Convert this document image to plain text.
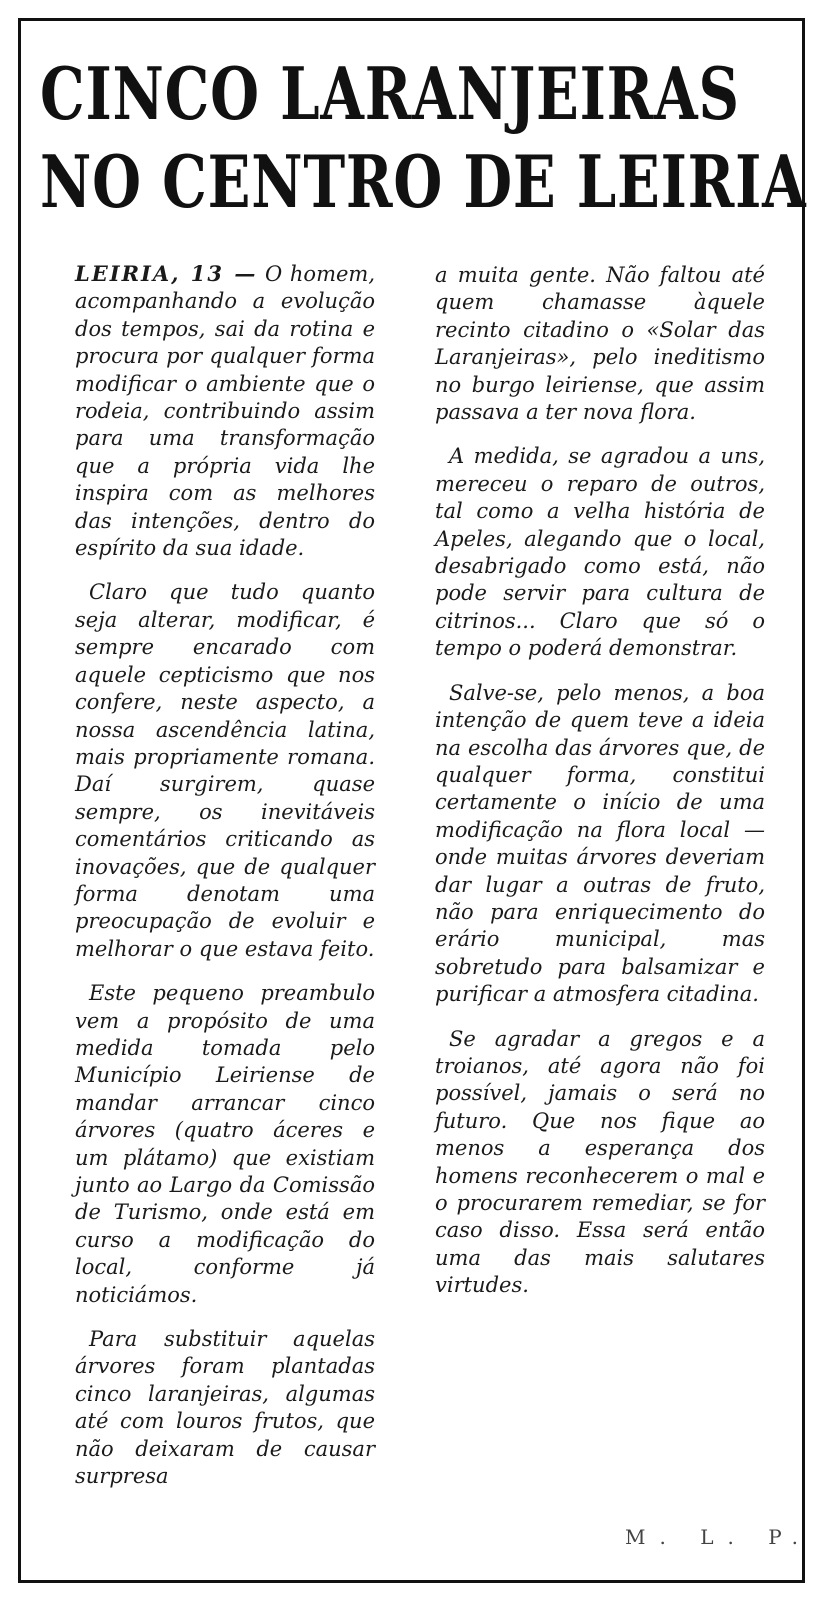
CINCO LARANJEIRAS
NO CENTRO DE LEIRIA

LEIRIA, 13 — O homem, acompanhando a evolução dos tempos, sai da rotina e procura por qualquer forma modificar o ambiente que o rodeia, contribuindo assim para uma transformação que a própria vida lhe inspira com as melhores das intenções, dentro do espírito da sua idade.

Claro que tudo quanto seja alterar, modificar, é sempre encarado com aquele cepticismo que nos confere, neste aspecto, a nossa ascendência latina, mais propriamente romana. Daí surgirem, quase sempre, os inevitáveis comentários criticando as inovações, que de qualquer forma denotam uma preocupação de evoluir e melhorar o que estava feito.

Este pequeno preambulo vem a propósito de uma medida tomada pelo Município Leiriense de mandar arrancar cinco árvores (quatro áceres e um plátamo) que existiam junto ao Largo da Comissão de Turismo, onde está em curso a modificação do local, conforme já noticiámos.

Para substituir aquelas árvores foram plantadas cinco laranjeiras, algumas até com louros frutos, que não deixaram de causar surpresa

a muita gente. Não faltou até quem chamasse àquele recinto citadino o «Solar das Laranjeiras», pelo ineditismo no burgo leiriense, que assim passava a ter nova flora.

A medida, se agradou a uns, mereceu o reparo de outros, tal como a velha história de Apeles, alegando que o local, desabrigado como está, não pode servir para cultura de citrinos... Claro que só o tempo o poderá demonstrar.

Salve-se, pelo menos, a boa intenção de quem teve a ideia na escolha das árvores que, de qualquer forma, constitui certamente o início de uma modificação na flora local — onde muitas árvores deveriam dar lugar a outras de fruto, não para enriquecimento do erário municipal, mas sobretudo para balsamizar e purificar a atmosfera citadina.

Se agradar a gregos e a troianos, até agora não foi possível, jamais o será no futuro. Que nos fique ao menos a esperança dos homens reconhecerem o mal e o procurarem remediar, se for caso disso. Essa será então uma das mais salutares virtudes.

M. L. P.
